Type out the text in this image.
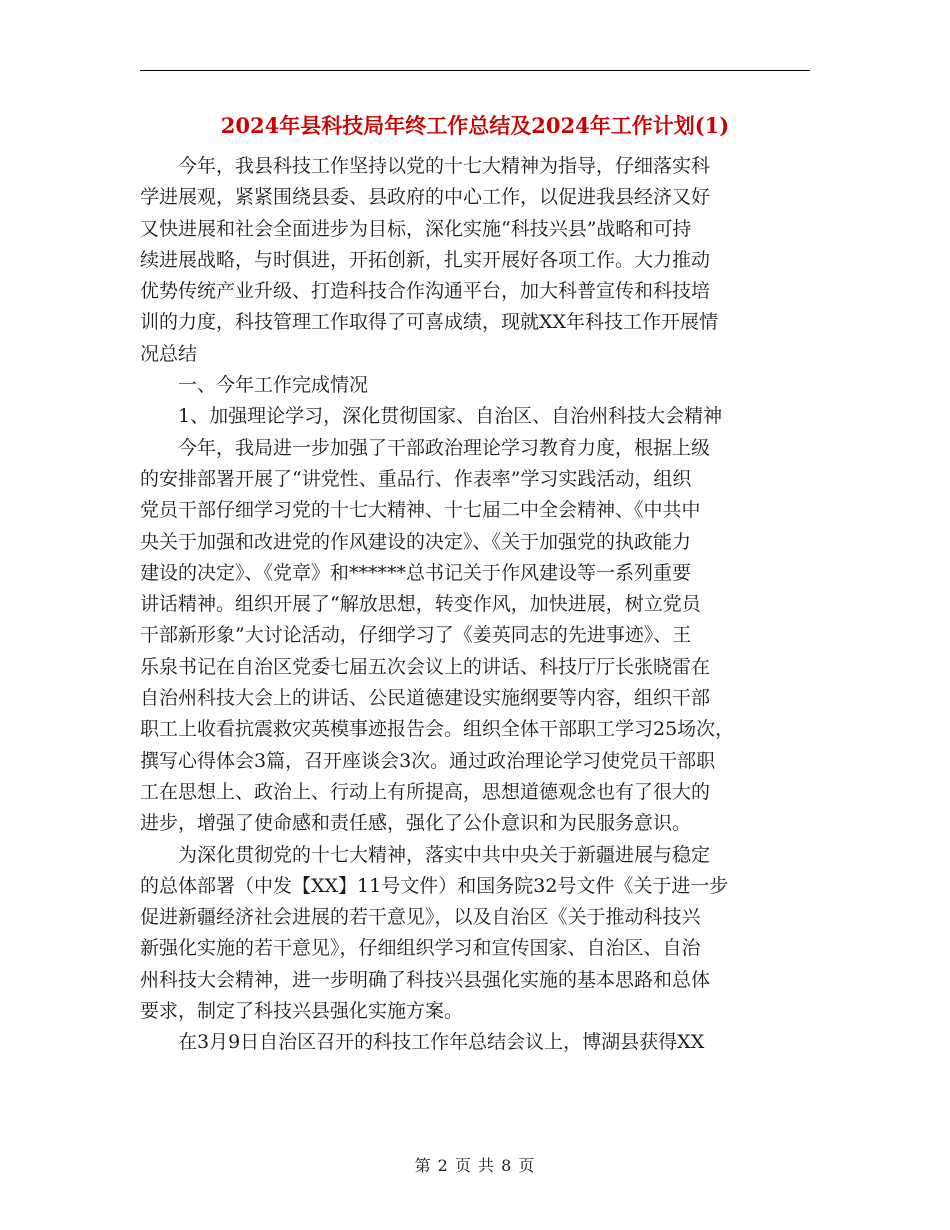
2024年县科技局年终工作总结及2024年工作计划(1)

今年，我县科技工作坚持以党的十七大精神为指导，仔细落实科
学进展观，紧紧围绕县委、县政府的中心工作，以促进我县经济又好
又快进展和社会全面进步为目标，深化实施“科技兴县”战略和可持
续进展战略，与时俱进，开拓创新，扎实开展好各项工作。大力推动
优势传统产业升级、打造科技合作沟通平台，加大科普宣传和科技培
训的力度，科技管理工作取得了可喜成绩，现就XX年科技工作开展情
况总结

一、今年工作完成情况

1、加强理论学习，深化贯彻国家、自治区、自治州科技大会精神

今年，我局进一步加强了干部政治理论学习教育力度，根据上级
的安排部署开展了“讲党性、重品行、作表率”学习实践活动，组织
党员干部仔细学习党的十七大精神、十七届二中全会精神、《中共中
央关于加强和改进党的作风建设的决定》、《关于加强党的执政能力
建设的决定》、《党章》和******总书记关于作风建设等一系列重要
讲话精神。组织开展了“解放思想，转变作风，加快进展，树立党员
干部新形象”大讨论活动，仔细学习了《姜英同志的先进事迹》、王
乐泉书记在自治区党委七届五次会议上的讲话、科技厅厅长张晓雷在
自治州科技大会上的讲话、公民道德建设实施纲要等内容，组织干部
职工上收看抗震救灾英模事迹报告会。组织全体干部职工学习25场次，
撰写心得体会3篇，召开座谈会3次。通过政治理论学习使党员干部职
工在思想上、政治上、行动上有所提高，思想道德观念也有了很大的
进步，增强了使命感和责任感，强化了公仆意识和为民服务意识。

为深化贯彻党的十七大精神，落实中共中央关于新疆进展与稳定
的总体部署（中发【XX】11号文件）和国务院32号文件《关于进一步
促进新疆经济社会进展的若干意见》，以及自治区《关于推动科技兴
新强化实施的若干意见》，仔细组织学习和宣传国家、自治区、自治
州科技大会精神，进一步明确了科技兴县强化实施的基本思路和总体
要求，制定了科技兴县强化实施方案。

在3月9日自治区召开的科技工作年总结会议上，博湖县获得XX

第 2 页 共 8 页
